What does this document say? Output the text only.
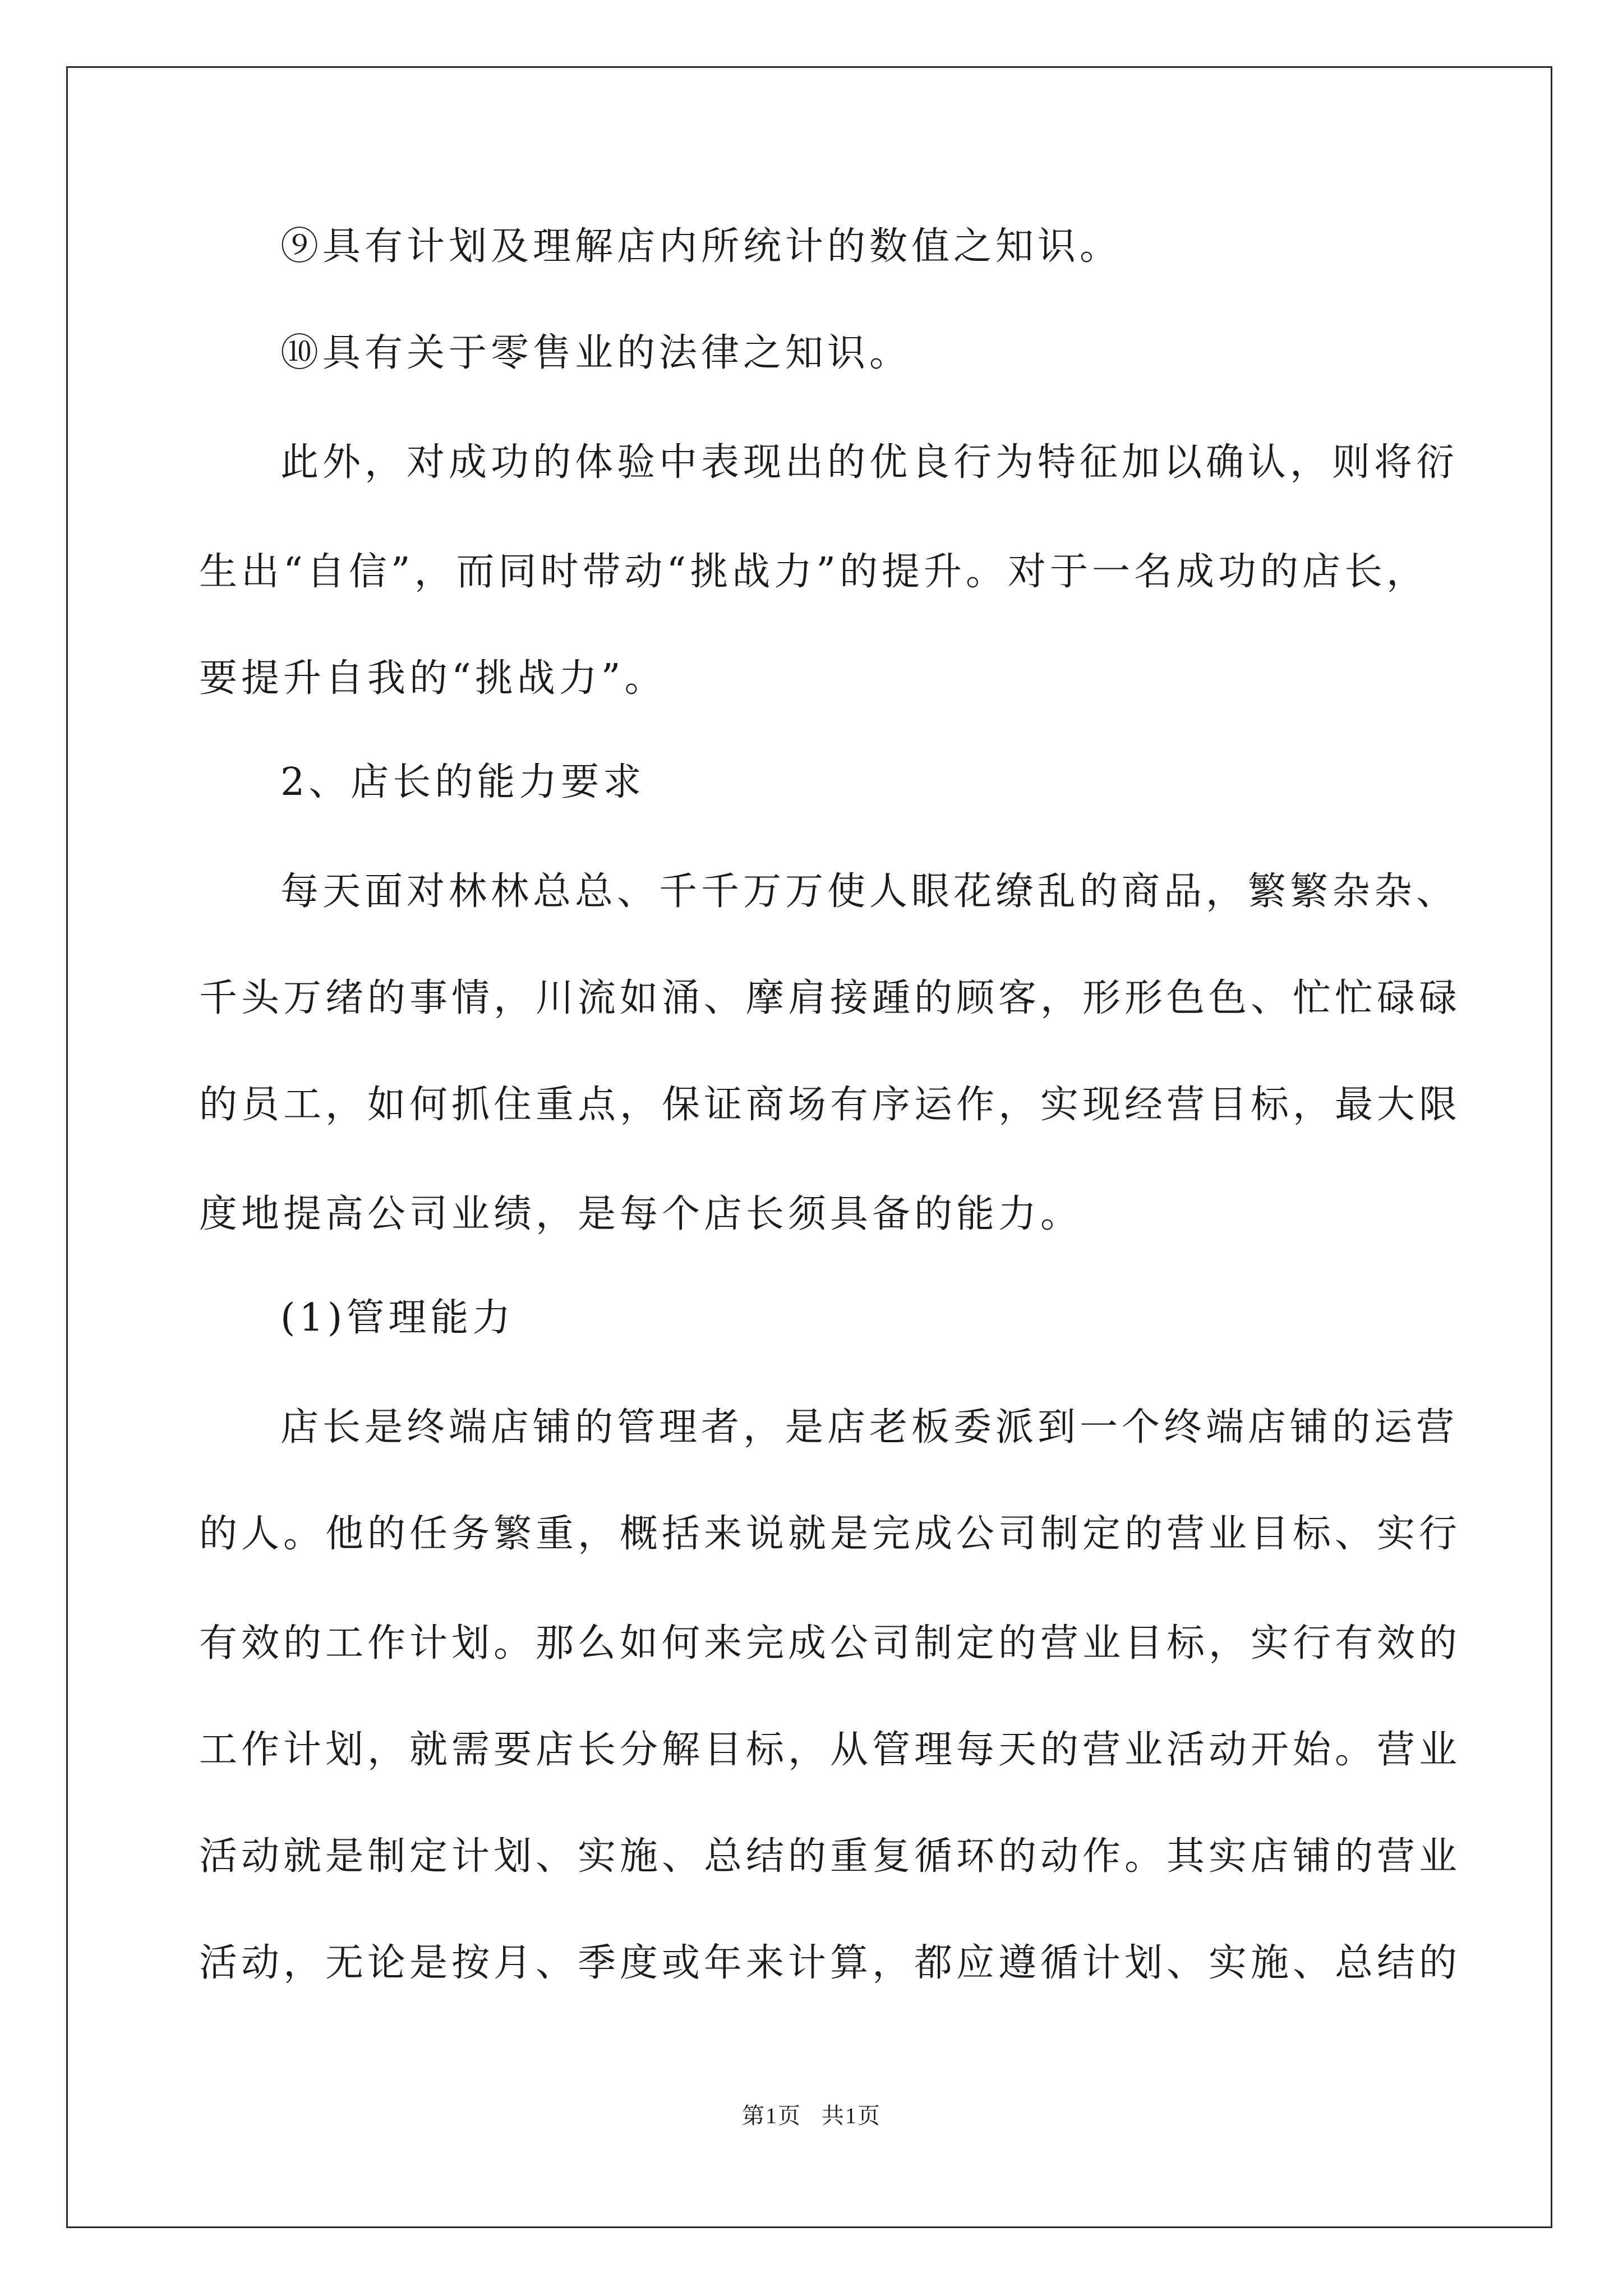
⑨具有计划及理解店内所统计的数值之知识。
⑩具有关于零售业的法律之知识。
此外，对成功的体验中表现出的优良行为特征加以确认，则将衍
生出“自信”，而同时带动“挑战力”的提升。对于一名成功的店长，
要提升自我的“挑战力”。
2、店长的能力要求
每天面对林林总总、千千万万使人眼花缭乱的商品，繁繁杂杂、
千头万绪的事情，川流如涌、摩肩接踵的顾客，形形色色、忙忙碌碌
的员工，如何抓住重点，保证商场有序运作，实现经营目标，最大限
度地提高公司业绩，是每个店长须具备的能力。
(1)管理能力
店长是终端店铺的管理者，是店老板委派到一个终端店铺的运营
的人。他的任务繁重，概括来说就是完成公司制定的营业目标、实行
有效的工作计划。那么如何来完成公司制定的营业目标，实行有效的
工作计划，就需要店长分解目标，从管理每天的营业活动开始。营业
活动就是制定计划、实施、总结的重复循环的动作。其实店铺的营业
活动，无论是按月、季度或年来计算，都应遵循计划、实施、总结的
第1页   共1页
